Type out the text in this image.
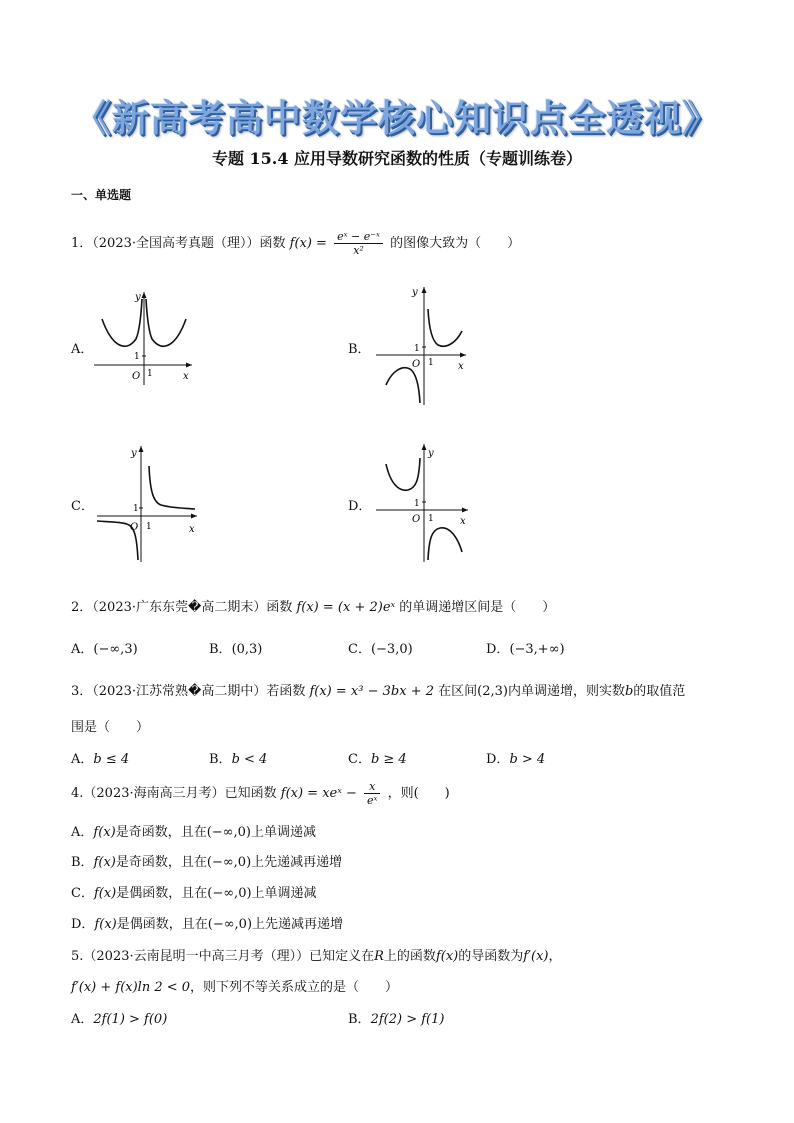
《新高考高中数学核心知识点全透视》
专题 15.4 应用导数研究函数的性质（专题训练卷）
一、单选题
1．（2023·全国高考真题（理））函数 $f(x) = \frac{\text{eˣ − e⁻ˣ}}{\text{x²}}$ 的图像大致为（　　）
A．
x
y
O
1
1
B．
x
y
O
1
1
C．
x
y
O
1
1
D．
x
y
O
1
1
2．（2023·广东东莞�高二期末）函数 f(x) = (x + 2)eˣ 的单调递增区间是（　　）
A．(−∞,3)	B．(0,3)	C．(−3,0)	D．(−3,+∞)
3．（2023·江苏常熟�高二期中）若函数 f(x) = x³ − 3bx + 2 在区间(2,3)内单调递增，则实数b的取值范
围是（　　）
A．b ≤ 4	B．b < 4	C．b ≥ 4	D．b > 4
4.（2023·海南高三月考）已知函数 f(x) = xeˣ − $\frac{x}{\text{eˣ}}$ ，则(　　)
A．f(x)是奇函数，且在(−∞,0)上单调递减
B．f(x)是奇函数，且在(−∞,0)上先递减再递增
C．f(x)是偶函数，且在(−∞,0)上单调递减
D．f(x)是偶函数，且在(−∞,0)上先递减再递增
5.（2023·云南昆明一中高三月考（理））已知定义在R上的函数f(x)的导函数为f′(x)，
f′(x) + f(x)ln 2 < 0，则下列不等关系成立的是（　　）
A．2f(1) > f(0)	B．2f(2) > f(1)
